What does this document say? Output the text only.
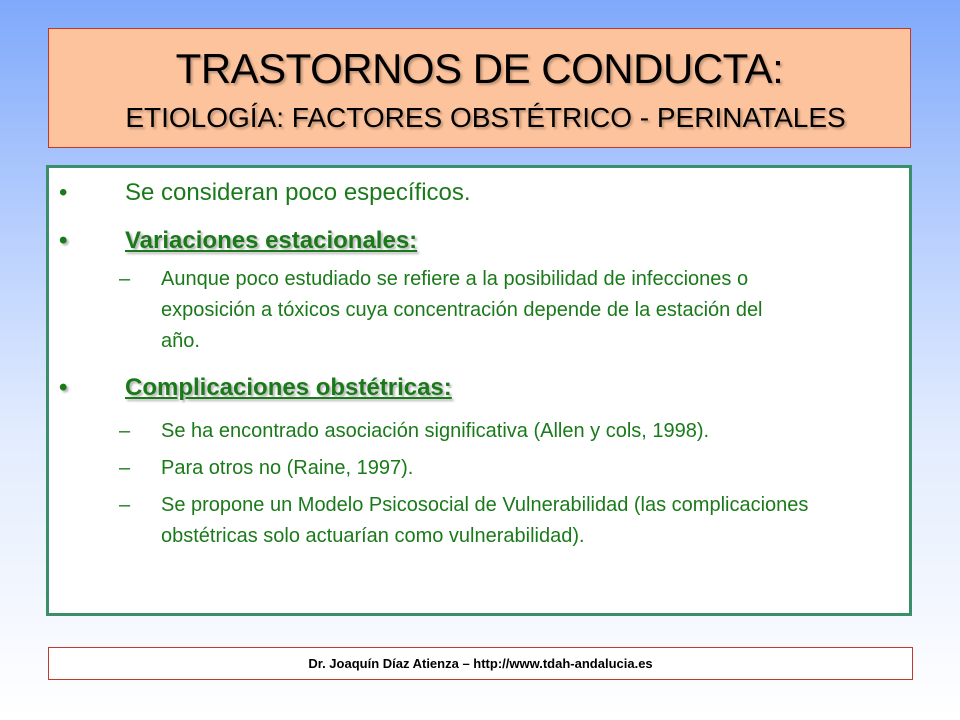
TRASTORNOS DE CONDUCTA:
ETIOLOGÍA: FACTORES OBSTÉTRICO - PERINATALES
• Se consideran poco específicos.
• Variaciones estacionales:
– Aunque poco estudiado se refiere a la posibilidad de infecciones o exposición a tóxicos cuya concentración depende de la estación del año.
• Complicaciones obstétricas:
– Se ha encontrado asociación significativa (Allen y cols, 1998).
– Para otros no (Raine, 1997).
– Se propone un Modelo Psicosocial de Vulnerabilidad (las complicaciones obstétricas solo actuarían como vulnerabilidad).
Dr. Joaquín Díaz Atienza – http://www.tdah-andalucia.es
